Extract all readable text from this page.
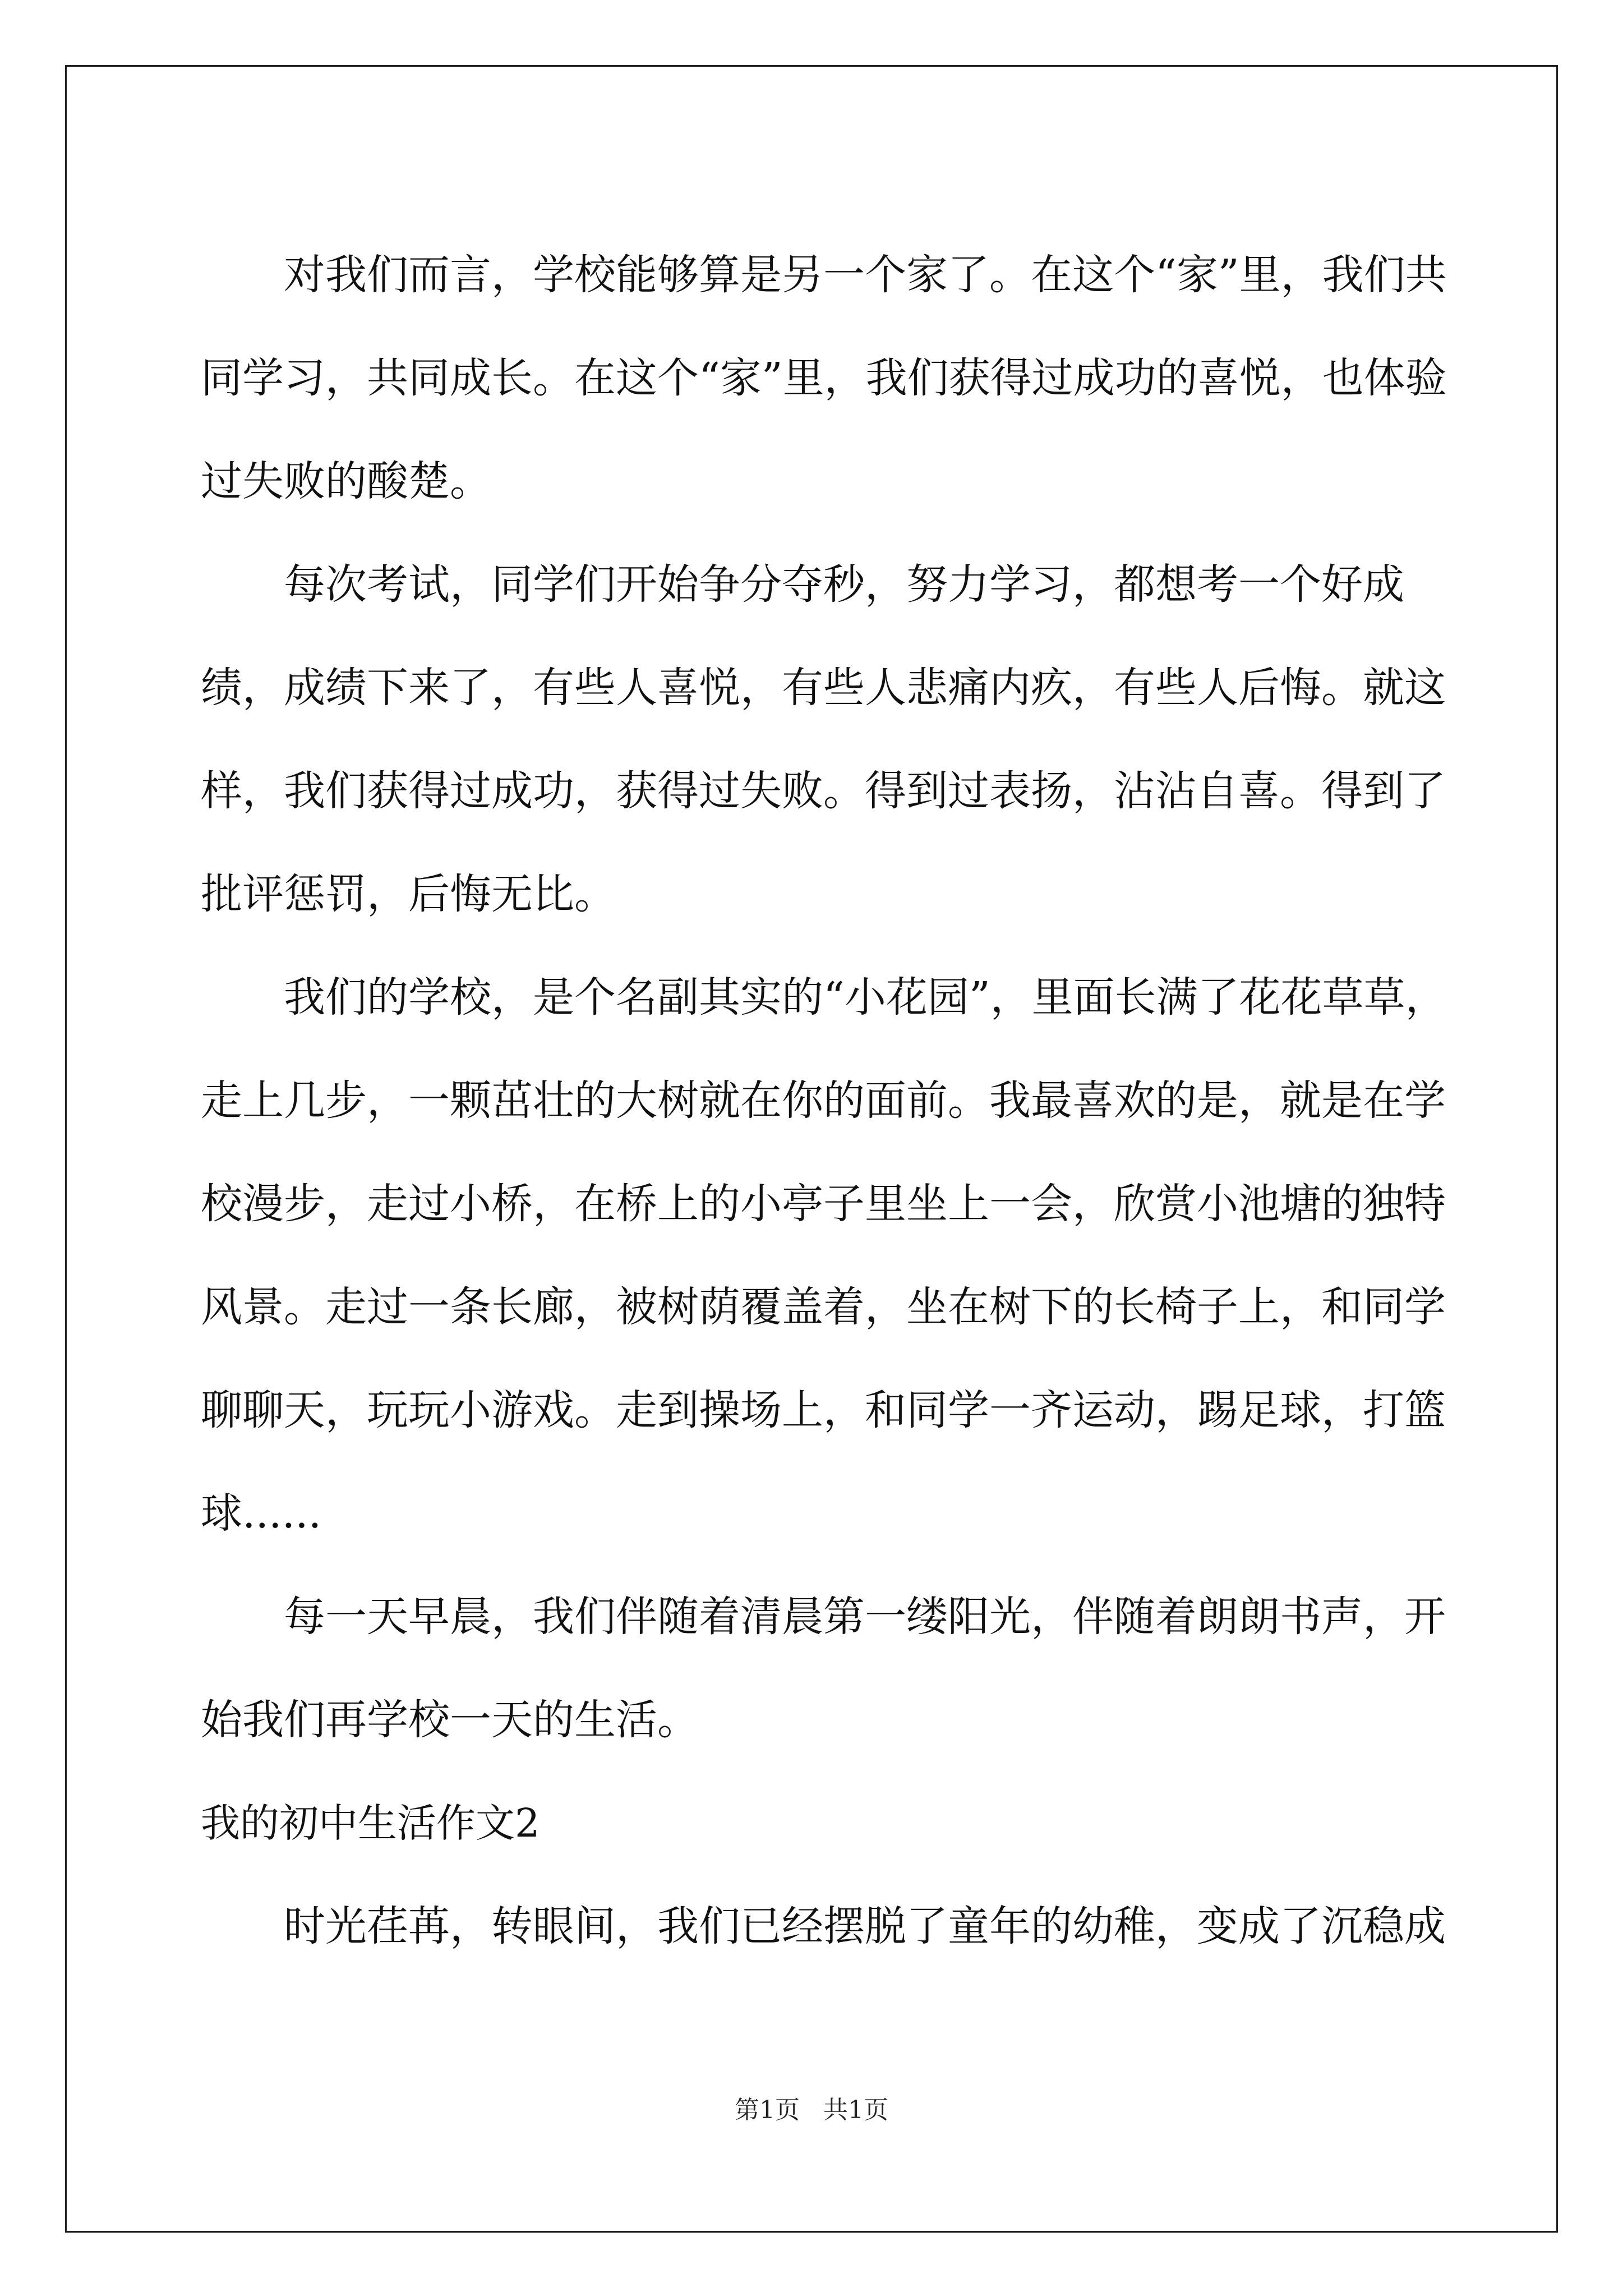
对我们而言，学校能够算是另一个家了。在这个“家”里，我们共同学习，共同成长。在这个“家”里，我们获得过成功的喜悦，也体验过失败的酸楚。

每次考试，同学们开始争分夺秒，努力学习，都想考一个好成绩，成绩下来了，有些人喜悦，有些人悲痛内疚，有些人后悔。就这样，我们获得过成功，获得过失败。得到过表扬，沾沾自喜。得到了批评惩罚，后悔无比。

我们的学校，是个名副其实的“小花园”，里面长满了花花草草，走上几步，一颗茁壮的大树就在你的面前。我最喜欢的是，就是在学校漫步，走过小桥，在桥上的小亭子里坐上一会，欣赏小池塘的独特风景。走过一条长廊，被树荫覆盖着，坐在树下的长椅子上，和同学聊聊天，玩玩小游戏。走到操场上，和同学一齐运动，踢足球，打篮球......

每一天早晨，我们伴随着清晨第一缕阳光，伴随着朗朗书声，开始我们再学校一天的生活。

我的初中生活作文2

时光荏苒，转眼间，我们已经摆脱了童年的幼稚，变成了沉稳成

第1页 共1页
